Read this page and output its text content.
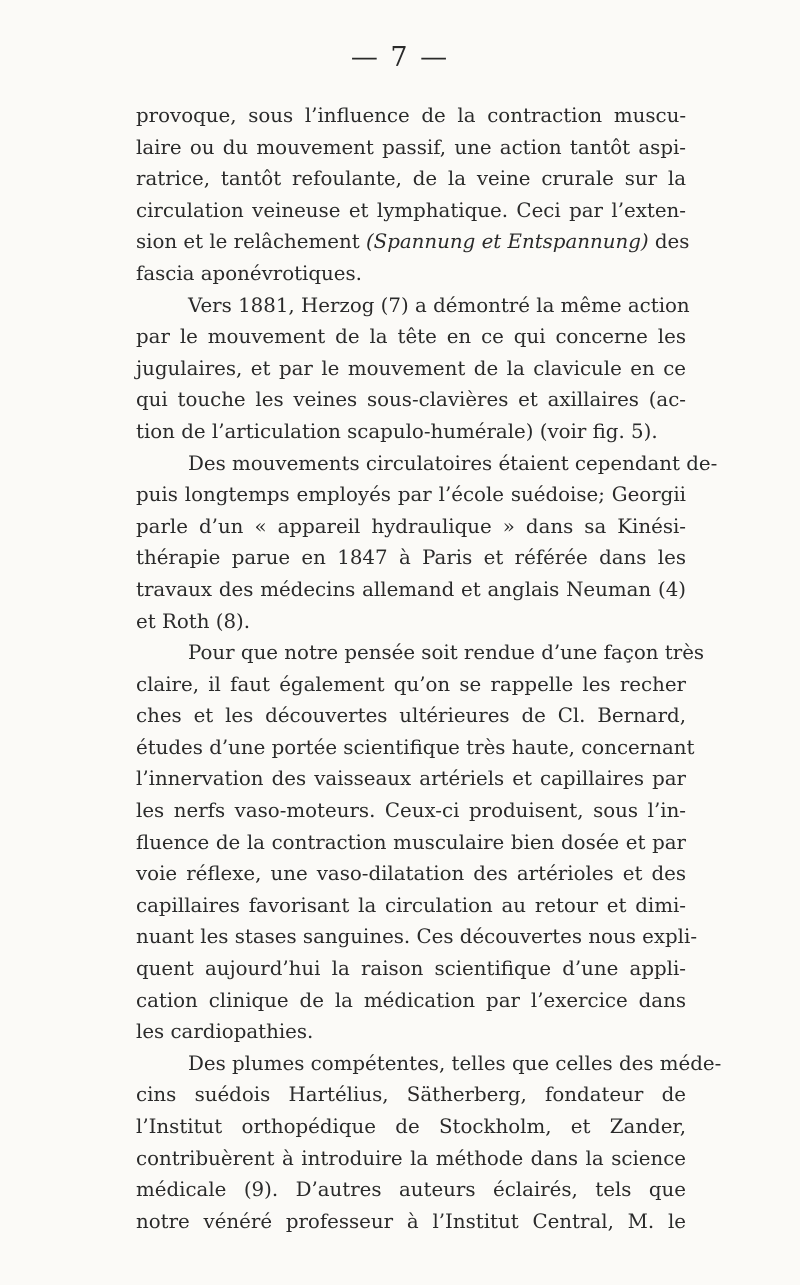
— 7 —
provoque, sous l’influence de la contraction muscu-
laire ou du mouvement passif, une action tantôt aspi-
ratrice, tantôt refoulante, de la veine crurale sur la
circulation veineuse et lymphatique. Ceci par l’exten-
sion et le relâchement (Spannung et Entspannung) des
fascia aponévrotiques.
Vers 1881, Herzog (7) a démontré la même action
par le mouvement de la tête en ce qui concerne les
jugulaires, et par le mouvement de la clavicule en ce
qui touche les veines sous-clavières et axillaires (ac-
tion de l’articulation scapulo-humérale) (voir fig. 5).
Des mouvements circulatoires étaient cependant de-
puis longtemps employés par l’école suédoise; Georgii
parle d’un « appareil hydraulique » dans sa Kinési-
thérapie parue en 1847 à Paris et référée dans les
travaux des médecins allemand et anglais Neuman (4)
et Roth (8).
Pour que notre pensée soit rendue d’une façon très
claire, il faut également qu’on se rappelle les recher
ches et les découvertes ultérieures de Cl. Bernard,
études d’une portée scientifique très haute, concernant
l’innervation des vaisseaux artériels et capillaires par
les nerfs vaso-moteurs. Ceux-ci produisent, sous l’in-
fluence de la contraction musculaire bien dosée et par
voie réflexe, une vaso-dilatation des artérioles et des
capillaires favorisant la circulation au retour et dimi-
nuant les stases sanguines. Ces découvertes nous expli-
quent aujourd’hui la raison scientifique d’une appli-
cation clinique de la médication par l’exercice dans
les cardiopathies.
Des plumes compétentes, telles que celles des méde-
cins suédois Hartélius, Sätherberg, fondateur de
l’Institut orthopédique de Stockholm, et Zander,
contribuèrent à introduire la méthode dans la science
médicale (9). D’autres auteurs éclairés, tels que
notre vénéré professeur à l’Institut Central, M. le
